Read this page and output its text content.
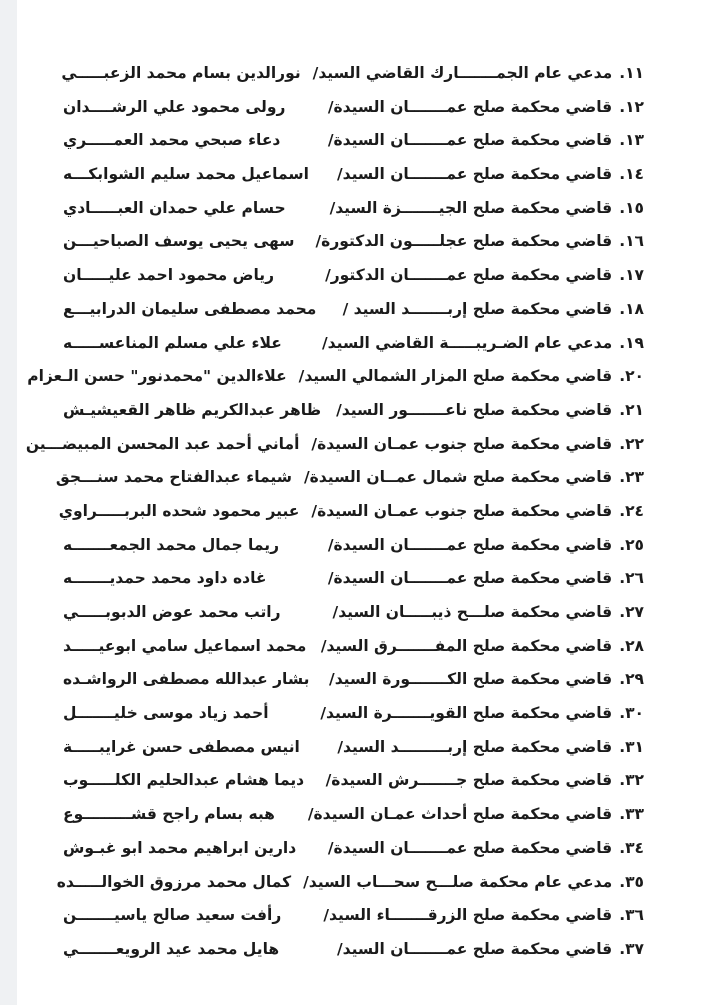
١١.مدعي عام الجمـــــــارك القاضي السيد/
نورالدين بسام محمد الزعبـــــي
١٢.قاضي محكمة صلح عمـــــــان السيدة/
رولى محمود علي الرشــــدان
١٣.قاضي محكمة صلح عمـــــــان السيدة/
دعاء صبحي محمد العمـــــري
١٤.قاضي محكمة صلح عمـــــــان السيد/
اسماعيل محمد سليم الشوابكـــه
١٥.قاضي محكمة صلح الجيـــــــزة السيد/
حسام علي حمدان العبـــــادي
١٦.قاضي محكمة صلح عجلـــــون الدكتورة/
سهى يحيى يوسف الصباحيـــن
١٧.قاضي محكمة صلح عمـــــــان الدكتور/
رياض محمود احمد عليـــــان
١٨.قاضي محكمة صلح إربـــــــد السيد /
محمد مصطفى سليمان الدرابيـــع
١٩.مدعي عام الضـريبـــــة القاضي السيد/
علاء علي مسلم المناعســـــه
٢٠.قاضي محكمة صلح المزار الشمالي السيد/
علاءالدين "محمدنور" حسن الـعزام
٢١.قاضي محكمة صلح ناعـــــــور السيد/
ظاهر عبدالكريم ظاهر القعيشيـش
٢٢.قاضي محكمة صلح جنوب عمـان السيدة/
أماني أحمد عبد المحسن المبيضـــين
٢٣.قاضي محكمة صلح شمال عمــان السيدة/
شيماء عبدالفتاح محمد سنـــجق
٢٤.قاضي محكمة صلح جنوب عمـان السيدة/
عبير محمود شحده البربـــــراوي
٢٥.قاضي محكمة صلح عمـــــــان السيدة/
ريما جمال محمد الجمعـــــــه
٢٦.قاضي محكمة صلح عمـــــــان السيدة/
غاده داود محمد حمديـــــــه
٢٧.قاضي محكمة صلـــح ذيبـــــان السيد/
راتب محمد عوض الدبوبـــــي
٢٨.قاضي محكمة صلح المفـــــــرق السيد/
محمد اسماعيل سامي ابوعيـــــد
٢٩.قاضي محكمة صلح الكـــــــورة السيد/
بشار عبدالله مصطفى الرواشـده
٣٠.قاضي محكمة صلح القويـــــــرة السيد/
أحمد زياد موسى خليـــــــل
٣١.قاضي محكمة صلح إربـــــــــد السيد/
انيس مصطفى حسن غرايبـــــة
٣٢.قاضي محكمة صلح جـــــــرش السيدة/
ديما هشام عبدالحليم الكلـــــوب
٣٣.قاضي محكمة صلح أحداث عمـان السيدة/
هبه بسام راجح قشـــــــــوع
٣٤.قاضي محكمة صلح عمـــــــان السيدة/
دارين ابراهيم محمد ابو غبـوش
٣٥.مدعي عام محكمة صلـــح سحـــاب السيد/
كمال محمد مرزوق الخوالـــــده
٣٦.قاضي محكمة صلح الزرقـــــــاء السيد/
رأفت سعيد صالح ياسيـــــــن
٣٧.قاضي محكمة صلح عمـــــــان السيد/
هايل محمد عيد الرويعـــــــي
